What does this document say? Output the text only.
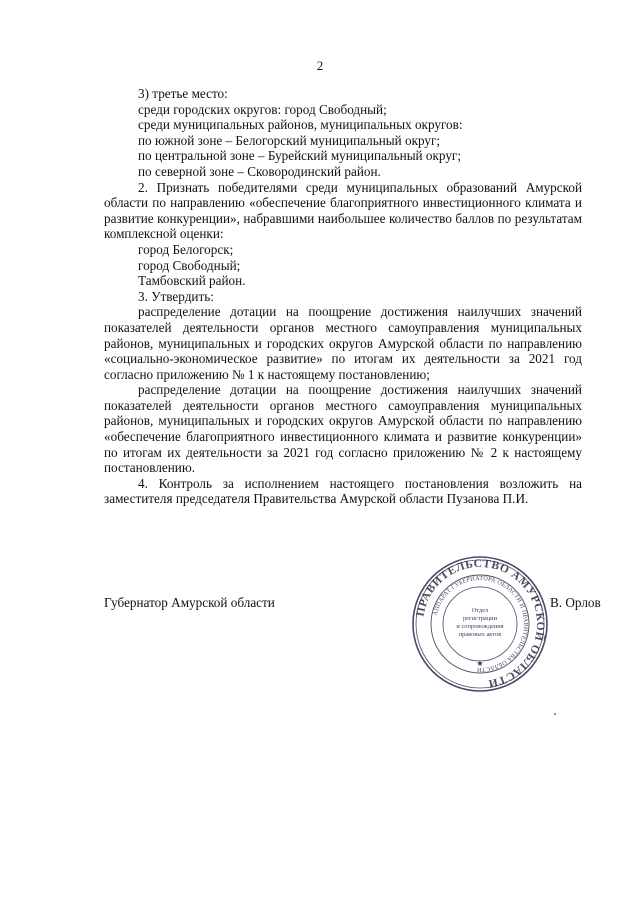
2

3) третье место:

среди городских округов: город Свободный;

среди муниципальных районов, муниципальных округов:

по южной зоне – Белогорский муниципальный округ;

по центральной зоне – Бурейский муниципальный округ;

по северной зоне – Сковородинский район.

2. Признать победителями среди муниципальных образований Амурской области по направлению «обеспечение благоприятного инвестиционного климата и развитие конкуренции», набравшими наибольшее количество баллов по результатам комплексной оценки:

город Белогорск;

город Свободный;

Тамбовский район.

3. Утвердить:

распределение дотации на поощрение достижения наилучших значений показателей деятельности органов местного самоуправления муниципальных районов, муниципальных и городских округов Амурской области по направлению «социально-экономическое развитие» по итогам их деятельности за 2021 год согласно приложению № 1 к настоящему постановлению;

распределение дотации на поощрение достижения наилучших значений показателей деятельности органов местного самоуправления муниципальных районов, муниципальных и городских округов Амурской области по направлению «обеспечение благоприятного инвестиционного климата и развитие конкуренции» по итогам их деятельности за 2021 год согласно приложению № 2 к настоящему постановлению.

4. Контроль за исполнением настоящего постановления возложить на заместителя председателя Правительства Амурской области Пузанова П.И.

Губернатор Амурской области	В. Орлов
ПРАВИТЕЛЬСТВО АМУРСКОЙ ОБЛАСТИ
АППАРАТ ГУБЕРНАТОРА ОБЛАСТИ И ПРАВИТЕЛЬСТВА ОБЛАСТИ
Отдел
регистрации
и сопровождения
правовых актов
★
